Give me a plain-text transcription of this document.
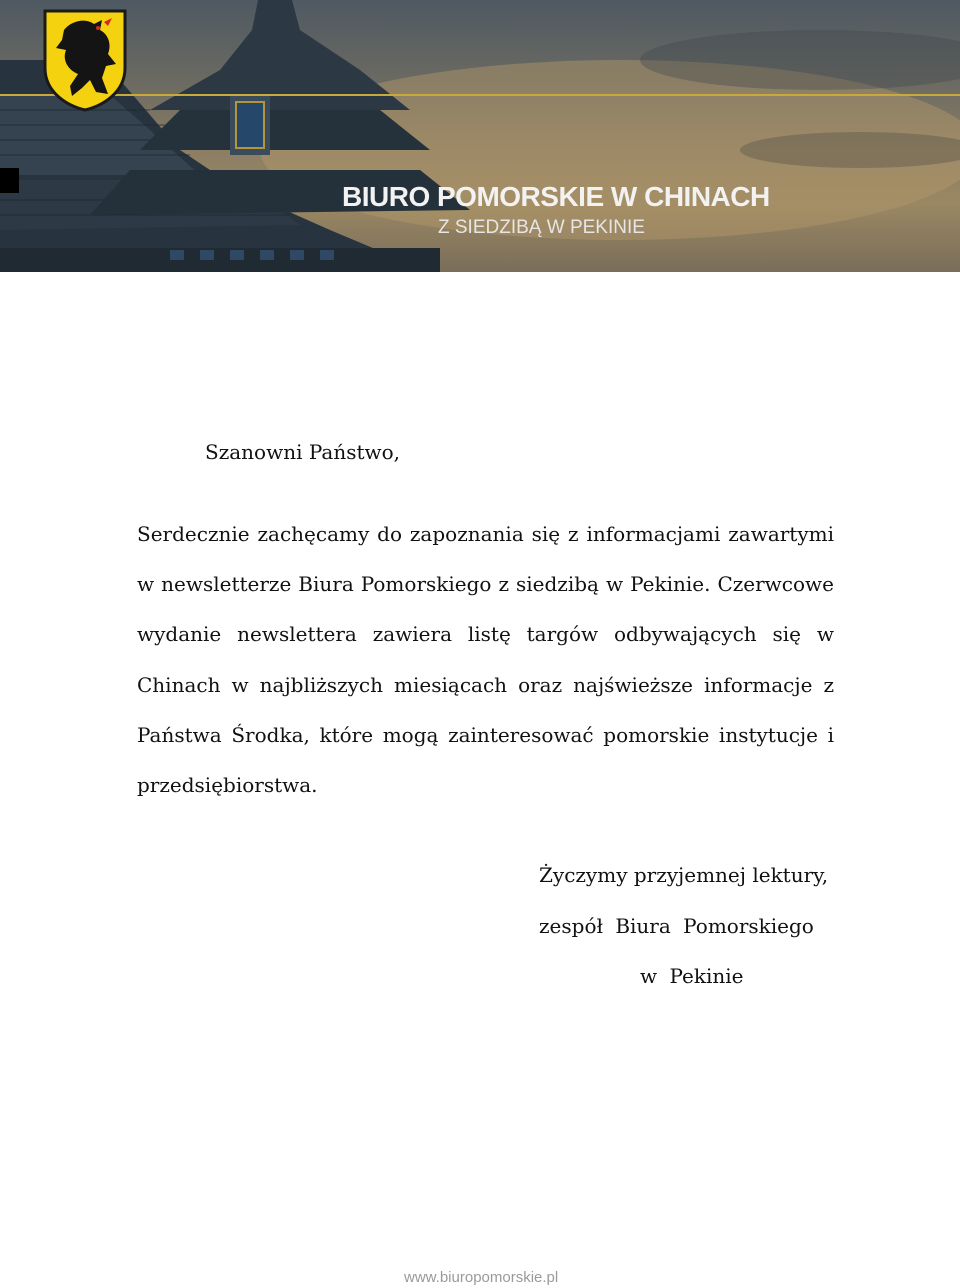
BIURO POMORSKIE W CHINACH
Z SIEDZIBĄ W PEKINIE
Szanowni Państwo,
Serdecznie zachęcamy do zapoznania się z informacjami zawartymi w newsletterze Biura Pomorskiego z siedzibą w Pekinie. Czerwcowe wydanie newslettera zawiera listę targów odbywających się w Chinach w najbliższych miesiącach oraz najświeższe informacje z Państwa Środka, które mogą zainteresować pomorskie instytucje i przedsiębiorstwa.
Życzymy przyjemnej lektury,
zespół Biura Pomorskiego
w Pekinie
www.biuropomorskie.pl
